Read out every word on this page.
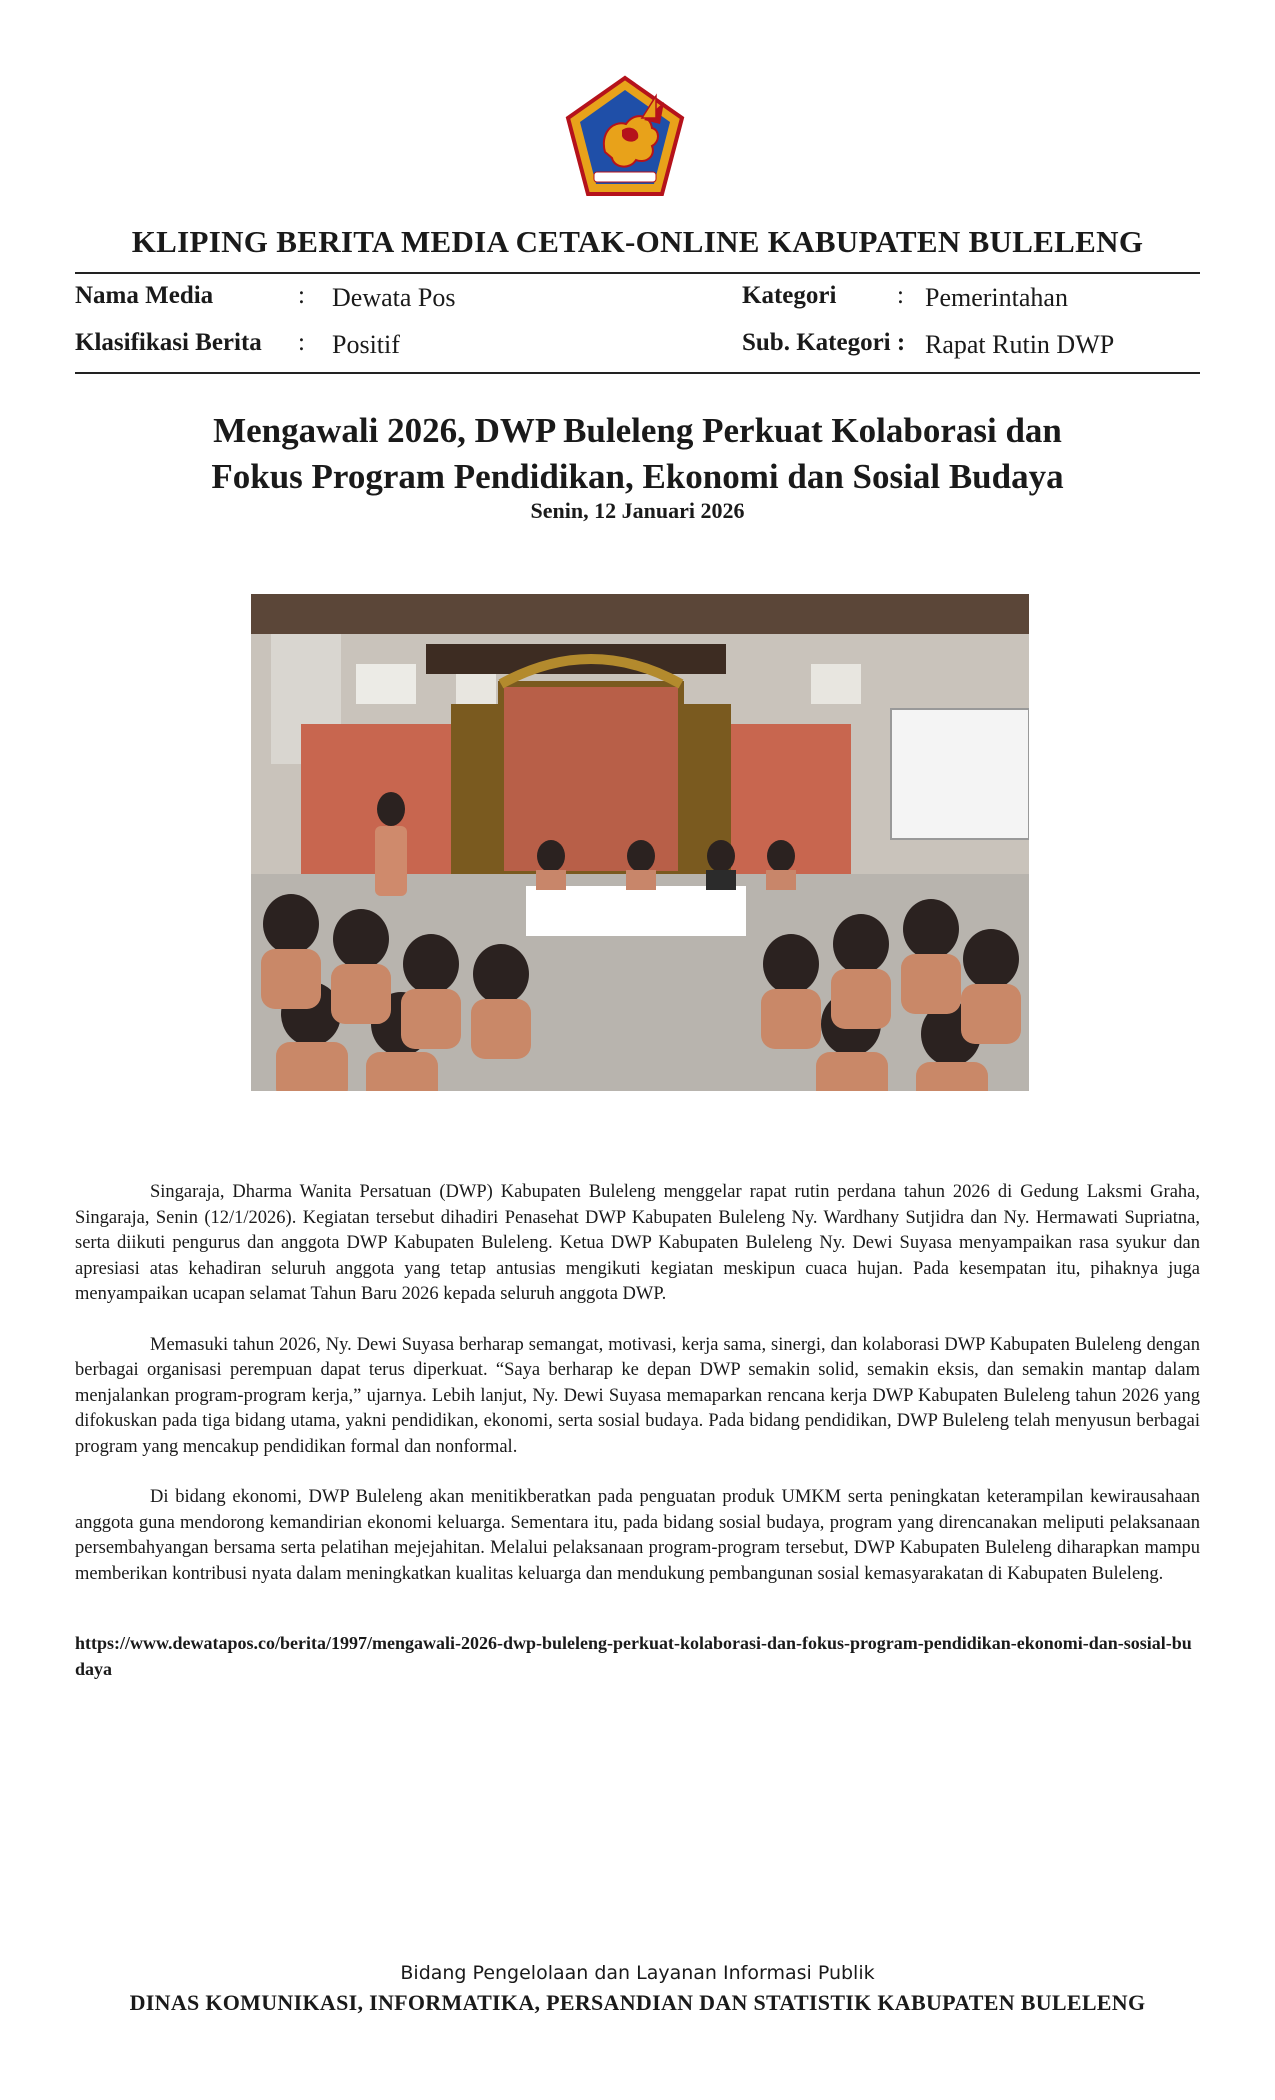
KLIPING BERITA MEDIA CETAK-ONLINE KABUPATEN BULELENG
Nama Media	: Dewata Pos
Klasifikasi Berita : Positif
Kategori : Pemerintahan
Sub. Kategori : Rapat Rutin DWP
Mengawali 2026, DWP Buleleng Perkuat Kolaborasi dan
Fokus Program Pendidikan, Ekonomi dan Sosial Budaya
Senin, 12 Januari 2026

Singaraja, Dharma Wanita Persatuan (DWP) Kabupaten Buleleng menggelar rapat rutin perdana tahun 2026 di Gedung Laksmi Graha, Singaraja, Senin (12/1/2026). Kegiatan tersebut dihadiri Penasehat DWP Kabupaten Buleleng Ny. Wardhany Sutjidra dan Ny. Hermawati Supriatna, serta diikuti pengurus dan anggota DWP Kabupaten Buleleng. Ketua DWP Kabupaten Buleleng Ny. Dewi Suyasa menyampaikan rasa syukur dan apresiasi atas kehadiran seluruh anggota yang tetap antusias mengikuti kegiatan meskipun cuaca hujan. Pada kesempatan itu, pihaknya juga menyampaikan ucapan selamat Tahun Baru 2026 kepada seluruh anggota DWP.

Memasuki tahun 2026, Ny. Dewi Suyasa berharap semangat, motivasi, kerja sama, sinergi, dan kolaborasi DWP Kabupaten Buleleng dengan berbagai organisasi perempuan dapat terus diperkuat. “Saya berharap ke depan DWP semakin solid, semakin eksis, dan semakin mantap dalam menjalankan program-program kerja,” ujarnya. Lebih lanjut, Ny. Dewi Suyasa memaparkan rencana kerja DWP Kabupaten Buleleng tahun 2026 yang difokuskan pada tiga bidang utama, yakni pendidikan, ekonomi, serta sosial budaya. Pada bidang pendidikan, DWP Buleleng telah menyusun berbagai program yang mencakup pendidikan formal dan nonformal.

Di bidang ekonomi, DWP Buleleng akan menitikberatkan pada penguatan produk UMKM serta peningkatan keterampilan kewirausahaan anggota guna mendorong kemandirian ekonomi keluarga. Sementara itu, pada bidang sosial budaya, program yang direncanakan meliputi pelaksanaan persembahyangan bersama serta pelatihan mejejahitan. Melalui pelaksanaan program-program tersebut, DWP Kabupaten Buleleng diharapkan mampu memberikan kontribusi nyata dalam meningkatkan kualitas keluarga dan mendukung pembangunan sosial kemasyarakatan di Kabupaten Buleleng.

https://www.dewatapos.co/berita/1997/mengawali-2026-dwp-buleleng-perkuat-kolaborasi-dan-fokus-program-pendidikan-ekonomi-dan-sosial-budaya
Bidang Pengelolaan dan Layanan Informasi Publik
DINAS KOMUNIKASI, INFORMATIKA, PERSANDIAN DAN STATISTIK KABUPATEN BULELENG
